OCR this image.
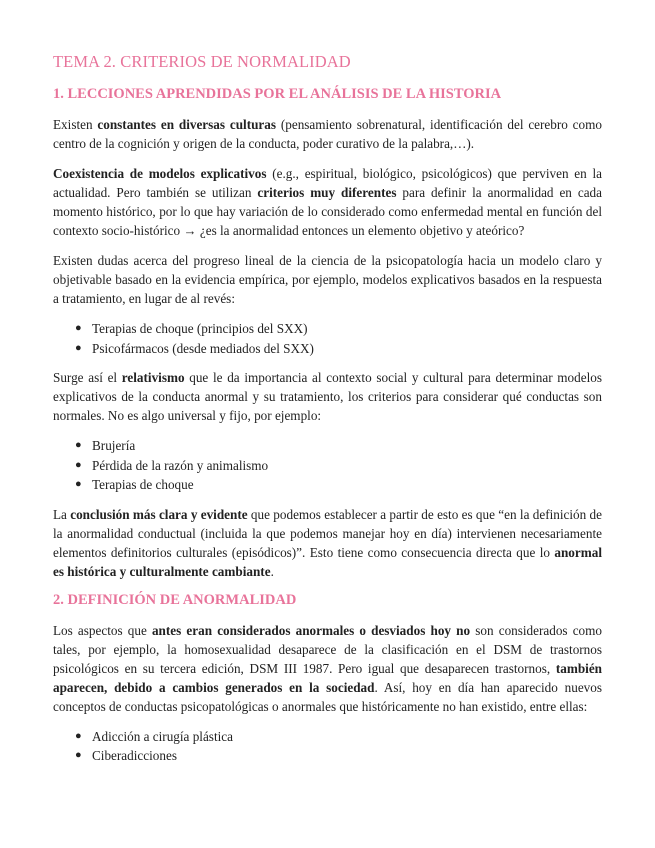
TEMA 2. CRITERIOS DE NORMALIDAD
1. LECCIONES APRENDIDAS POR EL ANÁLISIS DE LA HISTORIA

Existen constantes en diversas culturas (pensamiento sobrenatural, identificación del cerebro como centro de la cognición y origen de la conducta, poder curativo de la palabra,…).

Coexistencia de modelos explicativos (e.g., espiritual, biológico, psicológicos) que perviven en la actualidad. Pero también se utilizan criterios muy diferentes para definir la anormalidad en cada momento histórico, por lo que hay variación de lo considerado como enfermedad mental en función del contexto socio-histórico → ¿es la anormalidad entonces un elemento objetivo y ateórico?

Existen dudas acerca del progreso lineal de la ciencia de la psicopatología hacia un modelo claro y objetivable basado en la evidencia empírica, por ejemplo, modelos explicativos basados en la respuesta a tratamiento, en lugar de al revés:

● Terapias de choque (principios del SXX)
● Psicofármacos (desde mediados del SXX)

Surge así el relativismo que le da importancia al contexto social y cultural para determinar modelos explicativos de la conducta anormal y su tratamiento, los criterios para considerar qué conductas son normales. No es algo universal y fijo, por ejemplo:

● Brujería
● Pérdida de la razón y animalismo
● Terapias de choque

La conclusión más clara y evidente que podemos establecer a partir de esto es que “en la definición de la anormalidad conductual (incluida la que podemos manejar hoy en día) intervienen necesariamente elementos definitorios culturales (episódicos)”. Esto tiene como consecuencia directa que lo anormal es histórica y culturalmente cambiante.

2. DEFINICIÓN DE ANORMALIDAD

Los aspectos que antes eran considerados anormales o desviados hoy no son considerados como tales, por ejemplo, la homosexualidad desaparece de la clasificación en el DSM de trastornos psicológicos en su tercera edición, DSM III 1987. Pero igual que desaparecen trastornos, también aparecen, debido a cambios generados en la sociedad. Así, hoy en día han aparecido nuevos conceptos de conductas psicopatológicas o anormales que históricamente no han existido, entre ellas:

● Adicción a cirugía plástica
● Ciberadicciones
